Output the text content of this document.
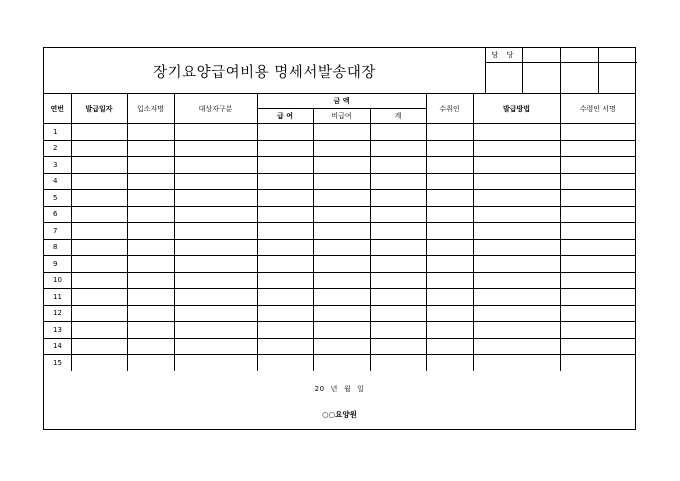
장기요양급여비용 명세서발송대장
담 당			

연번	발급일자	입소자명	대상자구분	금 액			수취인	발급방법	수령인 서명
				급 여	비급여	계			
1									
2									
3									
4									
5									
6									
7									
8									
9									
10									
11									
12									
13									
14									
15									
20 년 월 일
○○요양원
